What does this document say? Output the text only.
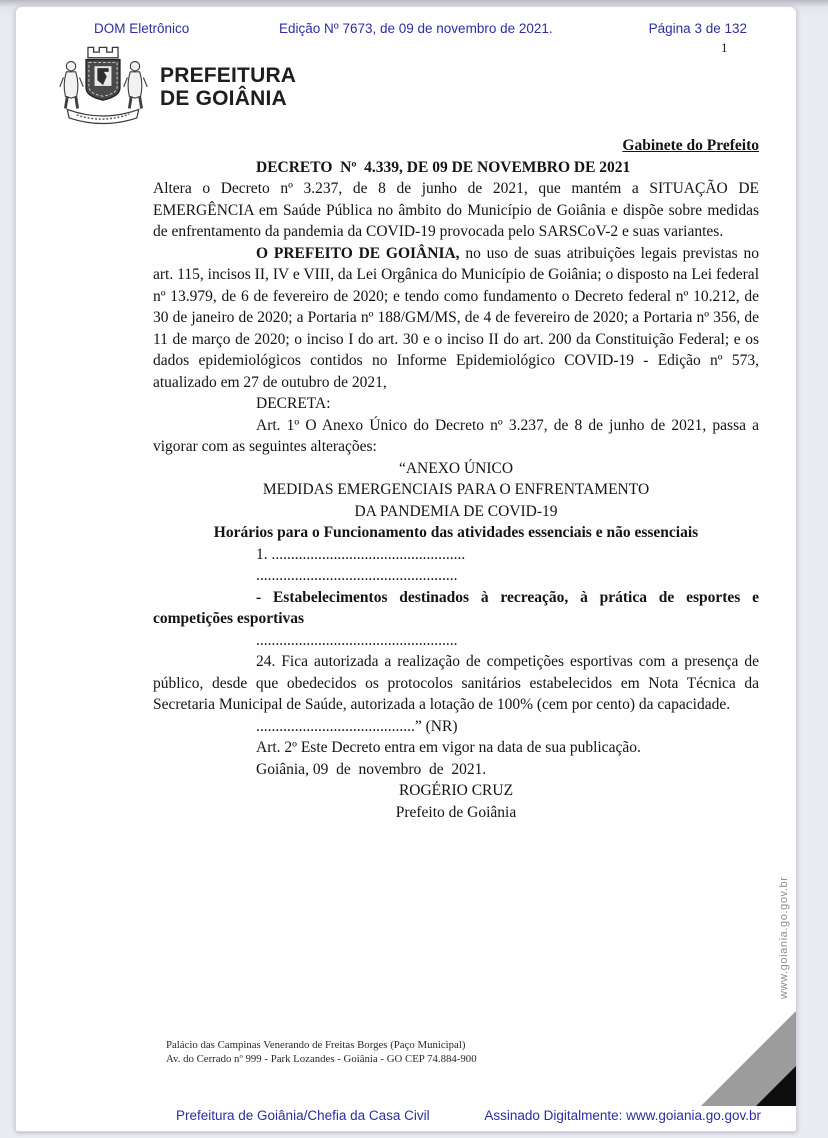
DOM Eletrônico	Edição Nº 7673, de 09 de novembro de 2021.	Página 3 de 132
PREFEITURA
DE GOIÂNIA
1

Gabinete do Prefeito

DECRETO  Nº  4.339, DE 09 DE NOVEMBRO DE 2021

Altera o Decreto nº 3.237, de 8 de junho de 2021, que mantém a SITUAÇÃO DE EMERGÊNCIA em Saúde Pública no âmbito do Município de Goiânia e dispõe sobre medidas de enfrentamento da pandemia da COVID-19 provocada pelo SARSCoV-2 e suas variantes.

O PREFEITO DE GOIÂNIA, no uso de suas atribuições legais previstas no art. 115, incisos II, IV e VIII, da Lei Orgânica do Município de Goiânia; o disposto na Lei federal nº 13.979, de 6 de fevereiro de 2020; e tendo como fundamento o Decreto federal nº 10.212, de 30 de janeiro de 2020; a Portaria nº 188/GM/MS, de 4 de fevereiro de 2020; a Portaria nº 356, de 11 de março de 2020; o inciso I do art. 30 e o inciso II do art. 200 da Constituição Federal; e os dados epidemiológicos contidos no Informe Epidemiológico COVID-19 - Edição nº 573, atualizado em 27 de outubro de 2021,

DECRETA:

Art. 1º O Anexo Único do Decreto nº 3.237, de 8 de junho de 2021, passa a vigorar com as seguintes alterações:

“ANEXO ÚNICO

MEDIDAS EMERGENCIAIS PARA O ENFRENTAMENTO

DA PANDEMIA DE COVID-19

Horários para o Funcionamento das atividades essenciais e não essenciais

1. ..................................................

....................................................

- Estabelecimentos destinados à recreação, à prática de esportes e competições esportivas

....................................................

24. Fica autorizada a realização de competições esportivas com a presença de público, desde que obedecidos os protocolos sanitários estabelecidos em Nota Técnica da Secretaria Municipal de Saúde, autorizada a lotação de 100% (cem por cento) da capacidade.

.........................................” (NR)

Art. 2º Este Decreto entra em vigor na data de sua publicação.

Goiânia, 09  de  novembro  de  2021.

ROGÉRIO CRUZ

Prefeito de Goiânia

Palácio das Campinas Venerando de Freitas Borges (Paço Municipal)
Av. do Cerrado nº 999 - Park Lozandes - Goiânia - GO CEP 74.884-900
www.goiania.go.gov.br
Prefeitura de Goiânia/Chefia da Casa Civil	Assinado Digitalmente: www.goiania.go.gov.br
